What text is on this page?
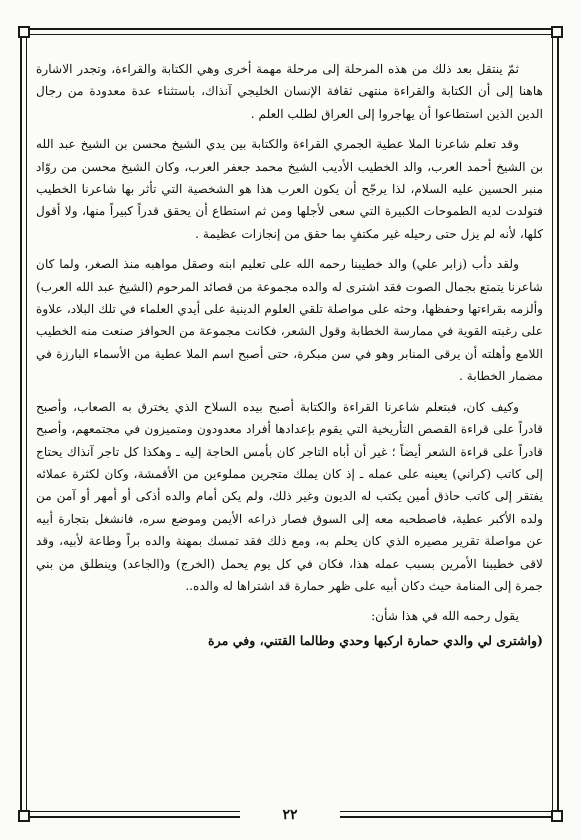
ثمّ ينتقل بعد ذلك من هذه المرحلة إلى مرحلة مهمة أخرى وهي الكتابة والقراءة، وتجدر الاشارة هاهنا إلى أن الكتابة والقراءة منتهى ثقافة الإنسان الخليجي آنذاك، باستثناء عدة معدودة من رجال الدين الذين استطاعوا أن يهاجروا إلى العراق لطلب العلم .

وقد تعلم شاعرنا الملا عطية الجمري القراءة والكتابة بين يدي الشيخ محسن بن الشيخ عبد الله بن الشيخ أحمد العرب، والد الخطيب الأديب الشيخ محمد جعفر العرب، وكان الشيخ محسن من روّاد منبر الحسين عليه السلام، لذا يرجّح أن يكون العرب هذا هو الشخصية التي تأثر بها شاعرنا الخطيب فتولدت لديه الطموحات الكبيرة التي سعى لأجلها ومن ثم استطاع أن يحقق قدراً كبيراً منها، ولا أقول كلها، لأنه لم يزل حتى رحيله غير مكتفٍ بما حقق من إنجازات عظيمة .

ولقد دأب (زابر علي) والد خطيبنا رحمه الله على تعليم ابنه وصقل مواهبه منذ الصغر، ولما كان شاعرنا يتمتع بجمال الصوت فقد اشترى له والده مجموعة من قصائد المرحوم (الشيخ عبد الله العرب) وألزمه بقراءتها وحفظها، وحثه على مواصلة تلقي العلوم الدينية على أيدي العلماء في تلك البلاد، علاوة على رغبته القوية في ممارسة الخطابة وقول الشعر، فكانت مجموعة من الحوافز صنعت منه الخطيب اللامع وأهلته أن يرقى المنابر وهو في سن مبكرة، حتى أصبح اسم الملا عطية من الأسماء البارزة في مضمار الخطابة .

وكيف كان، فبتعلم شاعرنا القراءة والكتابة أصبح بيده السلاح الذي يخترق به الصعاب، وأصبح قادراً على قراءة القصص التأريخية التي يقوم بإعدادها أفراد معدودون ومتميزون في مجتمعهم، وأصبح قادراً على قراءة الشعر أيضاً ؛ غير أن أباه التاجر كان بأمس الحاجة إليه ـ وهكذا كل تاجر آنذاك يحتاج إلى كاتب (كراني) يعينه على عمله ـ إذ كان يملك متجرين مملوءين من الأقمشة، وكان لكثرة عملائه يفتقر إلى كاتب حاذق أمين يكتب له الديون وغير ذلك، ولم يكن أمام والده أذكى أو أمهر أو آمن من ولده الأكبر عطية، فاصطحبه معه إلى السوق فصار ذراعه الأيمن وموضع سره، فانشغل بتجارة أبيه عن مواصلة تقرير مصيره الذي كان يحلم به، ومع ذلك فقد تمسك بمهنة والده براً وطاعة لأبيه، وقد لاقى خطيبنا الأمرين بسبب عمله هذا، فكان في كل يوم يحمل (الخرج) و(الجاعد) وينطلق من بني جمرة إلى المنامة حيث دكان أبيه على ظهر حمارة قد اشتراها له والده..

يقول رحمه الله في هذا شأن:

(واشترى لي والدي حمارة اركبها وحدي وطالما القتني، وفي مرة

٢٢
